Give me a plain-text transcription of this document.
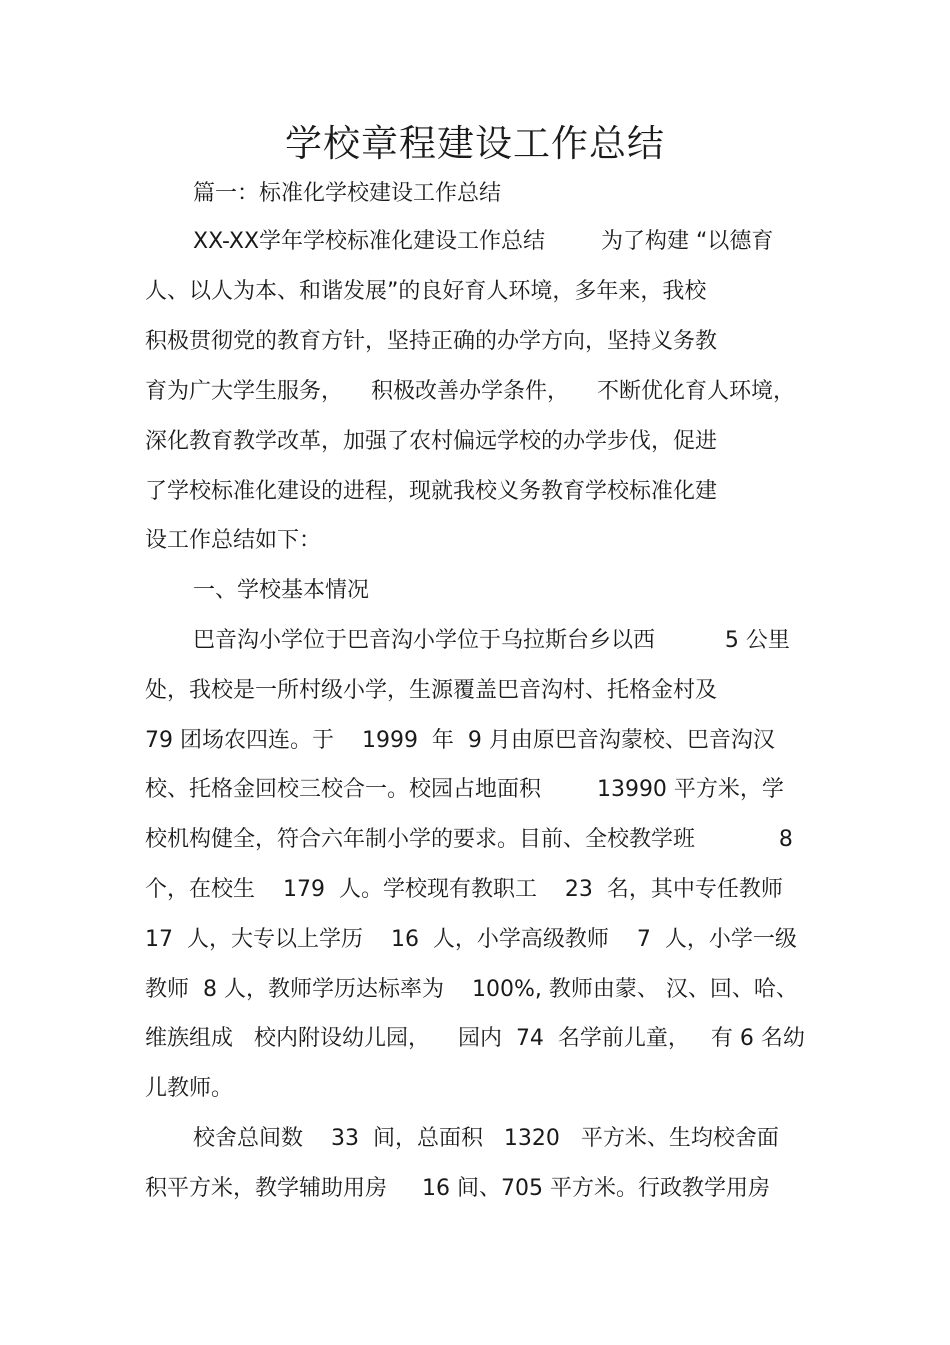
学校章程建设工作总结

篇一：标准化学校建设工作总结

XX-XX学年学校标准化建设工作总结        为了构建 “以德育

人、以人为本、和谐发展”的良好育人环境，多年来，我校

积极贯彻党的教育方针，坚持正确的办学方向，坚持义务教

育为广大学生服务，    积极改善办学条件，    不断优化育人环境，

深化教育教学改革，加强了农村偏远学校的办学步伐，促进

了学校标准化建设的进程，现就我校义务教育学校标准化建

设工作总结如下：

一、学校基本情况

巴音沟小学位于巴音沟小学位于乌拉斯台乡以西          5 公里

处，我校是一所村级小学，生源覆盖巴音沟村、托格金村及

79 团场农四连。于    1999  年  9 月由原巴音沟蒙校、巴音沟汉

校、托格金回校三校合一。校园占地面积        13990 平方米，学

校机构健全，符合六年制小学的要求。目前、全校教学班            8

个，在校生    179  人。学校现有教职工    23  名，其中专任教师

17  人，大专以上学历    16  人，小学高级教师    7  人，小学一级

教师  8 人，教师学历达标率为    100%, 教师由蒙、 汉、回、哈、

维族组成   校内附设幼儿园，    园内  74  名学前儿童，   有 6 名幼

儿教师。

校舍总间数    33  间，总面积   1320   平方米、生均校舍面

积平方米，教学辅助用房     16 间、705 平方米。行政教学用房
